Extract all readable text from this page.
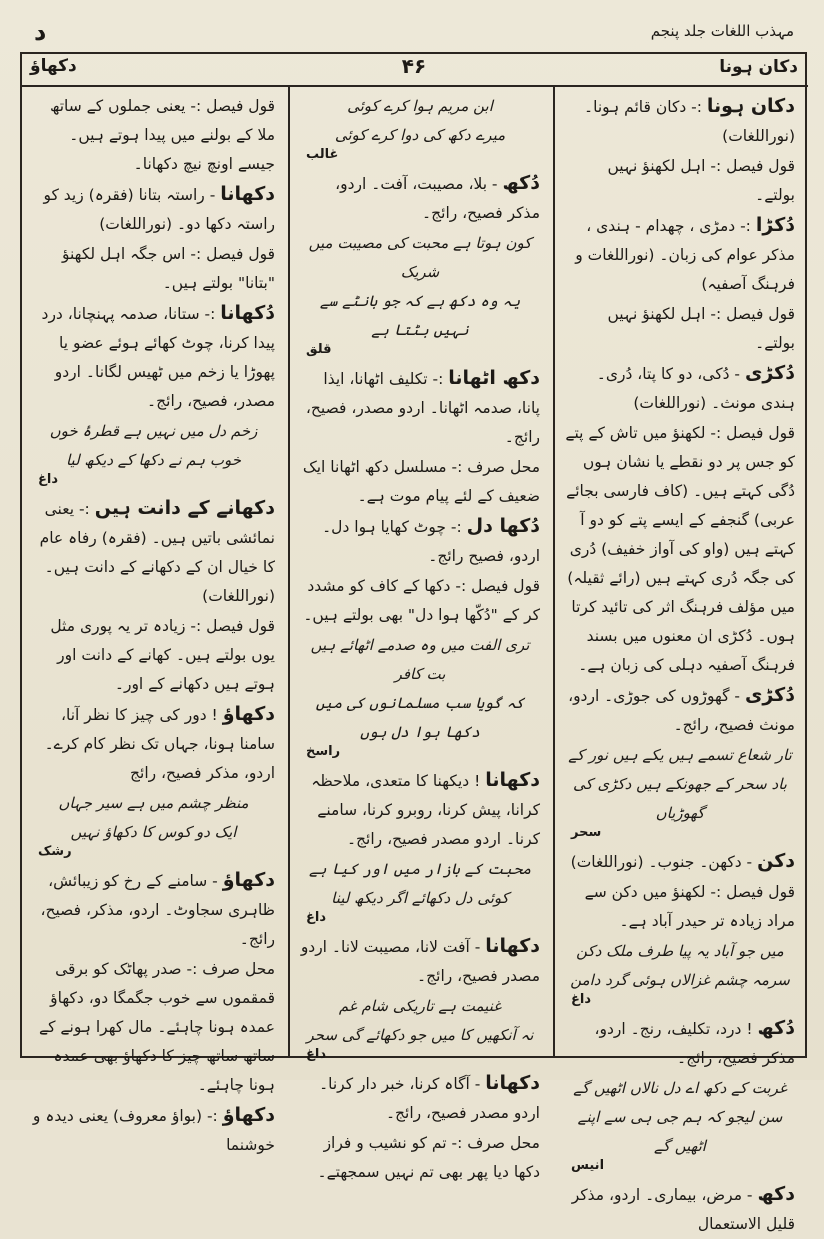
مہذب اللغات جلد پنجم
د
دکان ہونا
۴۶
دکھاؤ
دکان ہونا :- دکان قائم ہونا۔ (نوراللغات)
قول فیصل :- اہل لکھنؤ نہیں بولتے۔
دُکڑا :- دمڑی ، چھدام - ہندی ، مذکر عوام کی زبان۔ (نوراللغات و فرہنگ آصفیہ)
قول فیصل :- اہل لکھنؤ نہیں بولتے۔
دُکڑی - دُکی، دو کا پتا، دُری۔ ہندی مونث۔ (نوراللغات)
قول فیصل :- لکھنؤ میں تاش کے پتے کو جس پر دو نقطے یا نشان ہوں دُگی کہتے ہیں۔ (کاف فارسی بجائے عربی) گنجفے کے ایسے پتے کو دو آ کہتے ہیں (واو کی آواز خفیف) دُری کی جگہ دُری کہتے ہیں (رائے ثقیلہ) میں مؤلف فرہنگ اثر کی تائید کرتا ہوں۔ دُکڑی ان معنوں میں بسند فرہنگ آصفیہ دہلی کی زبان ہے۔
دُکڑی - گھوڑوں کی جوڑی۔ اردو، مونث فصیح، رائج۔
تار شعاع تسمے ہیں یکے ہیں نور کے
باد سحر کے جھونکے ہیں دکڑی کی گھوڑیاں
سحر
دکن - دکھن۔ جنوب۔ (نوراللغات)
قول فیصل :- لکھنؤ میں دکن سے مراد زیادہ تر حیدر آباد ہے۔
میں جو آباد یہ پیا طرف ملک دکن
سرمہ چشم غزالاں ہوئی گرد دامن
داغ
دُکھ ! درد، تکلیف، رنج۔ اردو، مذکر فصیح، رائج۔
غربت کے دکھ اے دل نالاں اٹھیں گے
سن لیجو کہ ہم جی ہی سے اپنے اٹھیں گے
انیس
دکھ - مرض، بیماری۔ اردو، مذکر قلیل الاستعمال
ابن مریم ہوا کرے کوئی
میرے دکھ کی دوا کرے کوئی
غالب
دُکھ - بلا، مصیبت، آفت۔ اردو، مذکر فصیح، رائج۔
کون ہوتا ہے محبت کی مصیبت میں شریک
یہ وہ دکھ ہے کہ جو بانٹے سے نہیں بٹتا ہے
قلق
دکھ اٹھانا :- تکلیف اٹھانا، ایذا پانا، صدمہ اٹھانا۔ اردو مصدر، فصیح، رائج۔
محل صرف :- مسلسل دکھ اٹھانا ایک ضعیف کے لئے پیام موت ہے۔
دُکھا دل :- چوٹ کھایا ہوا دل۔ اردو، فصیح رائج۔
قول فیصل :- دکھا کے کاف کو مشدد کر کے "دُکّھا ہوا دل" بھی بولتے ہیں۔
تری الفت میں وہ صدمے اٹھائے ہیں بت کافر
کہ گویا سب مسلمانوں کی میں دکھا ہوا دل ہوں
راسخ
دکھانا ! دیکھنا کا متعدی، ملاحظہ کرانا، پیش کرنا، روبرو کرنا، سامنے کرنا۔ اردو مصدر فصیح، رائج۔
محبت کے بازار میں اور کیا ہے
کوئی دل دکھائے اگر دیکھ لینا
داغ
دکھانا - آفت لانا، مصیبت لانا۔ اردو مصدر فصیح، رائج۔
غنیمت ہے تاریکی شام غم
نہ آنکھیں کا میں جو دکھائے گی سحر
داغ
دکھانا - آگاہ کرنا، خبر دار کرنا۔ اردو مصدر فصیح، رائج۔
محل صرف :- تم کو نشیب و فراز دکھا دیا پھر بھی تم نہیں سمجھتے۔
قول فیصل :- یعنی جملوں کے ساتھ ملا کے بولنے میں پیدا ہوتے ہیں۔ جیسے اونچ نیچ دکھانا۔
دکھانا - راستہ بتانا (فقرہ) زید کو راستہ دکھا دو۔ (نوراللغات)
قول فیصل :- اس جگہ اہل لکھنؤ "بتانا" بولتے ہیں۔
دُکھانا :- ستانا، صدمہ پہنچانا، درد پیدا کرنا، چوٹ کھائے ہوئے عضو یا پھوڑا یا زخم میں ٹھیس لگانا۔ اردو مصدر، فصیح، رائج۔
زخم دل میں نہیں ہے قطرۂ خوں
خوب ہم نے دکھا کے دیکھ لیا
داغ
دکھانے کے دانت ہیں :- یعنی نمائشی باتیں ہیں۔ (فقرہ) رفاہ عام کا خیال ان کے دکھانے کے دانت ہیں۔ (نوراللغات)
قول فیصل :- زیادہ تر یہ پوری مثل یوں بولتے ہیں۔ کھانے کے دانت اور ہوتے ہیں دکھانے کے اور۔
دکھاؤ ! دور کی چیز کا نظر آنا، سامنا ہونا، جہاں تک نظر کام کرے۔ اردو، مذکر فصیح، رائج
منظر چشم میں ہے سیر جہاں
ایک دو کوس کا دکھاؤ نہیں
رشک
دکھاؤ - سامنے کے رخ کو زیبائش، ظاہری سجاوٹ۔ اردو، مذکر، فصیح، رائج۔
محل صرف :- صدر پھاٹک کو برقی قمقموں سے خوب جگمگا دو، دکھاؤ عمدہ ہونا چاہئے۔ مال کھرا ہونے کے ساتھ ساتھ چیز کا دکھاؤ بھی عمدہ ہونا چاہئے۔
دکھاؤ :- (بواؤ معروف) یعنی دیدہ و خوشنما
